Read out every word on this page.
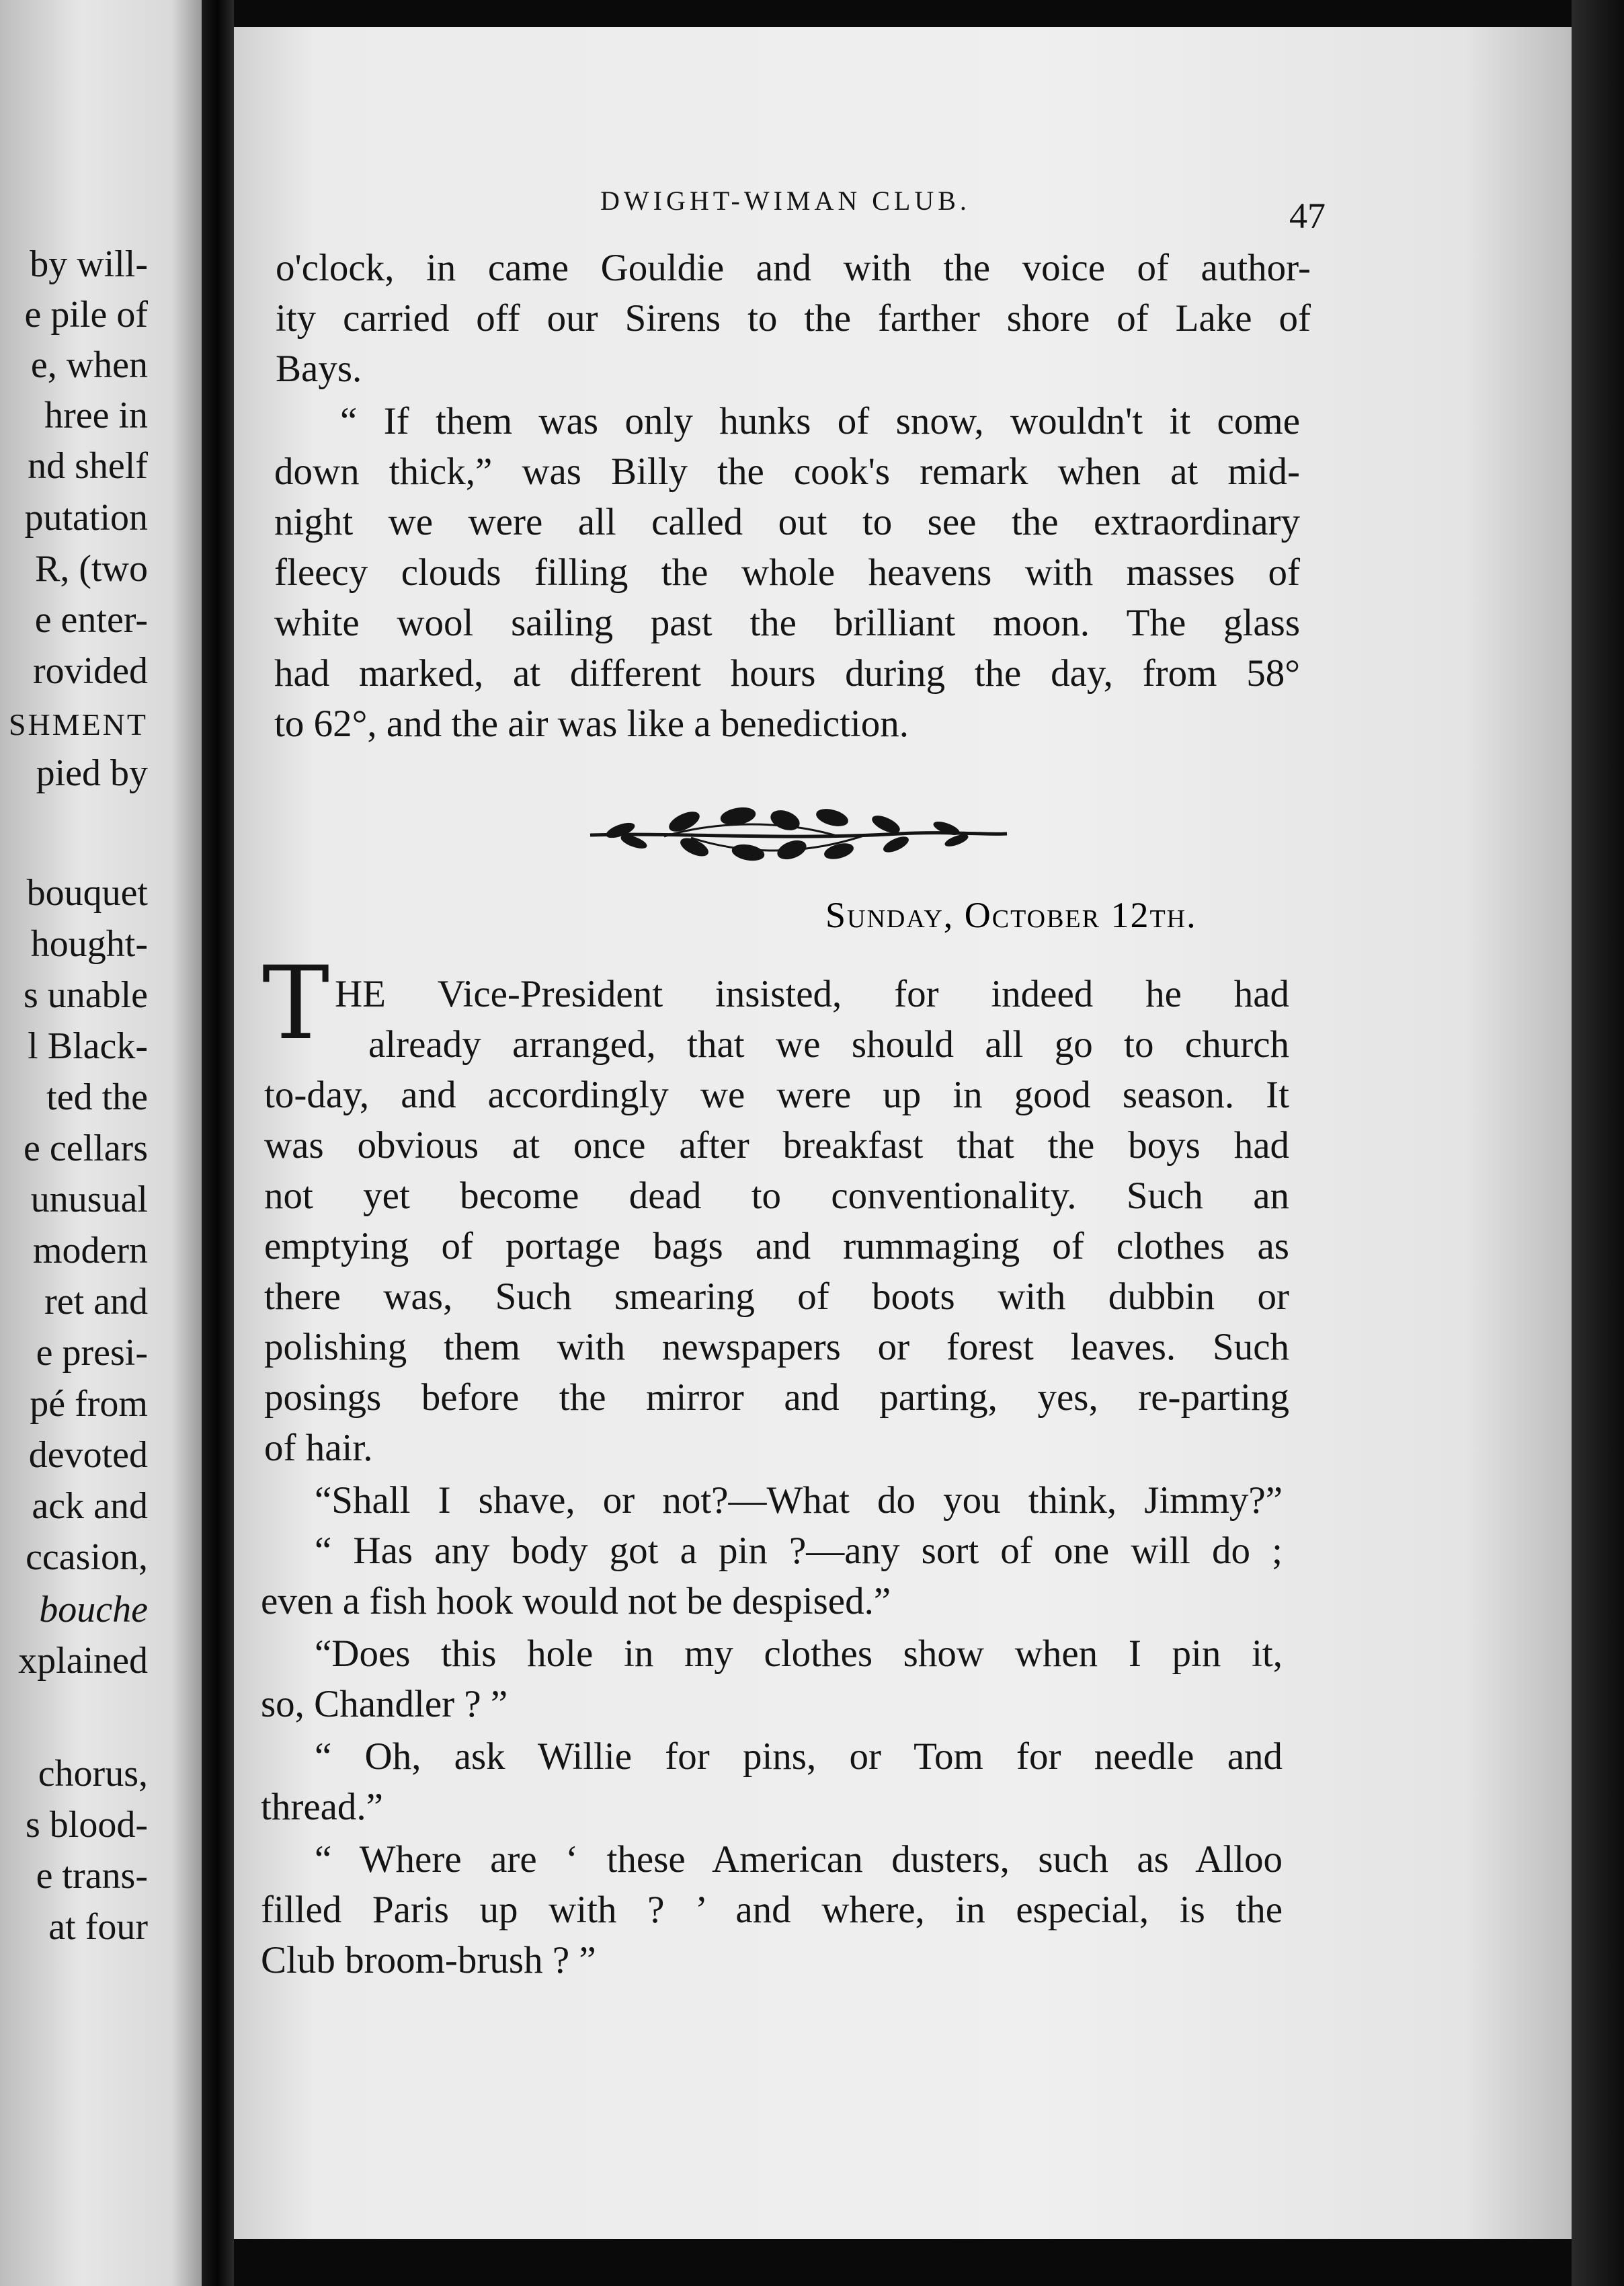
by will-
e pile of
e, when
hree in
nd shelf
putation
R, (two
e enter-
rovided
SHMENT
pied by
bouquet
hought-
s unable
l Black-
ted the
e cellars
unusual
modern
ret and
e presi-
pé from
devoted
ack and
ccasion,
bouche
xplained
chorus,
s blood-
e trans-
at four
DWIGHT-WIMAN CLUB.	47
o'clock, in came Gouldie and with the voice of author-
ity carried off our Sirens to the farther shore of Lake of
Bays.
“ If them was only hunks of snow, wouldn't it come
down thick,” was Billy the cook's remark when at mid-
night we were all called out to see the extraordinary
fleecy clouds filling the whole heavens with masses of
white wool sailing past the brilliant moon. The glass
had marked, at different hours during the day, from 58°
to 62°, and the air was like a benediction.
Sunday, October 12th.
T HE Vice-President insisted, for indeed he had
already arranged, that we should all go to church
to-day, and accordingly we were up in good season. It
was obvious at once after breakfast that the boys had
not yet become dead to conventionality. Such an
emptying of portage bags and rummaging of clothes as
there was, Such smearing of boots with dubbin or
polishing them with newspapers or forest leaves. Such
posings before the mirror and parting, yes, re-parting
of hair.
“Shall I shave, or not?—What do you think, Jimmy?”
“ Has any body got a pin ?—any sort of one will do ;
even a fish hook would not be despised.”
“Does this hole in my clothes show when I pin it,
so, Chandler ? ”
“ Oh, ask Willie for pins, or Tom for needle and
thread.”
“ Where are ‘ these American dusters, such as Alloo
filled Paris up with ? ’ and where, in especial, is the
Club broom-brush ? ”
